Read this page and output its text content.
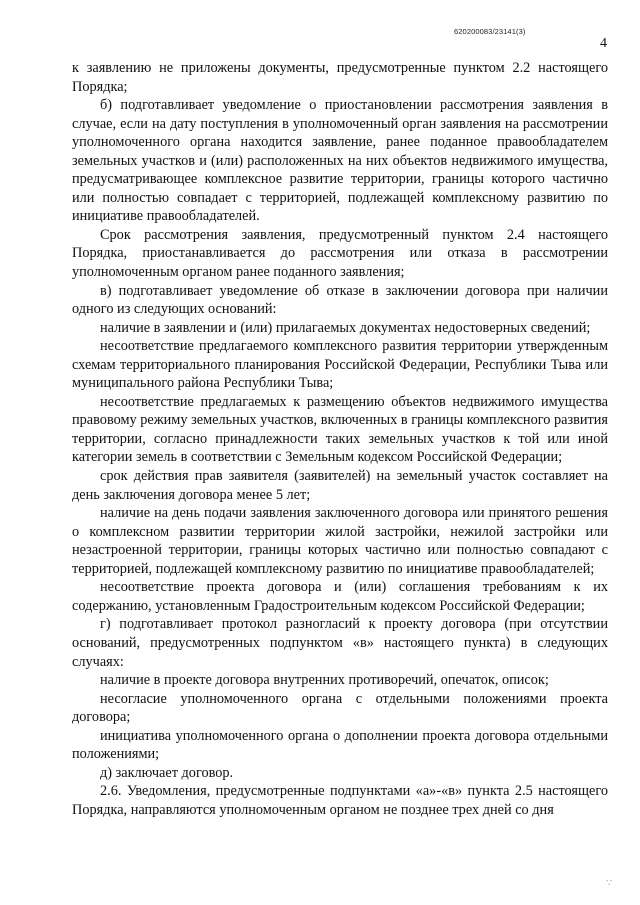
620200083/23141(3)
4

к заявлению не приложены документы, предусмотренные пунктом 2.2 настоящего Порядка;

б) подготавливает уведомление о приостановлении рассмотрения заявления в случае, если на дату поступления в уполномоченный орган заявления на рассмотрении уполномоченного органа находится заявление, ранее поданное правообладателем земельных участков и (или) расположенных на них объектов недвижимого имущества, предусматривающее комплексное развитие территории, границы которого частично или полностью совпадает с территорией, подлежащей комплексному развитию по инициативе правообладателей.

Срок рассмотрения заявления, предусмотренный пунктом 2.4 настоящего Порядка, приостанавливается до рассмотрения или отказа в рассмотрении уполномоченным органом ранее поданного заявления;

в) подготавливает уведомление об отказе в заключении договора при наличии одного из следующих оснований:

наличие в заявлении и (или) прилагаемых документах недостоверных сведений;

несоответствие предлагаемого комплексного развития территории утвержденным схемам территориального планирования Российской Федерации, Республики Тыва или муниципального района Республики Тыва;

несоответствие предлагаемых к размещению объектов недвижимого имущества правовому режиму земельных участков, включенных в границы комплексного развития территории, согласно принадлежности таких земельных участков к той или иной категории земель в соответствии с Земельным кодексом Российской Федерации;

срок действия прав заявителя (заявителей) на земельный участок составляет на день заключения договора менее 5 лет;

наличие на день подачи заявления заключенного договора или принятого решения о комплексном развитии территории жилой застройки, нежилой застройки или незастроенной территории, границы которых частично или полностью совпадают с территорией, подлежащей комплексному развитию по инициативе правообладателей;

несоответствие проекта договора и (или) соглашения требованиям к их содержанию, установленным Градостроительным кодексом Российской Федерации;

г) подготавливает протокол разногласий к проекту договора (при отсутствии оснований, предусмотренных подпунктом «в» настоящего пункта) в следующих случаях:

наличие в проекте договора внутренних противоречий, опечаток, описок;

несогласие уполномоченного органа с отдельными положениями проекта договора;

инициатива уполномоченного органа о дополнении проекта договора отдельными положениями;

д) заключает договор.

2.6. Уведомления, предусмотренные подпунктами «а»-«в» пункта 2.5 настоящего Порядка, направляются уполномоченным органом не позднее трех дней со дня

∵
